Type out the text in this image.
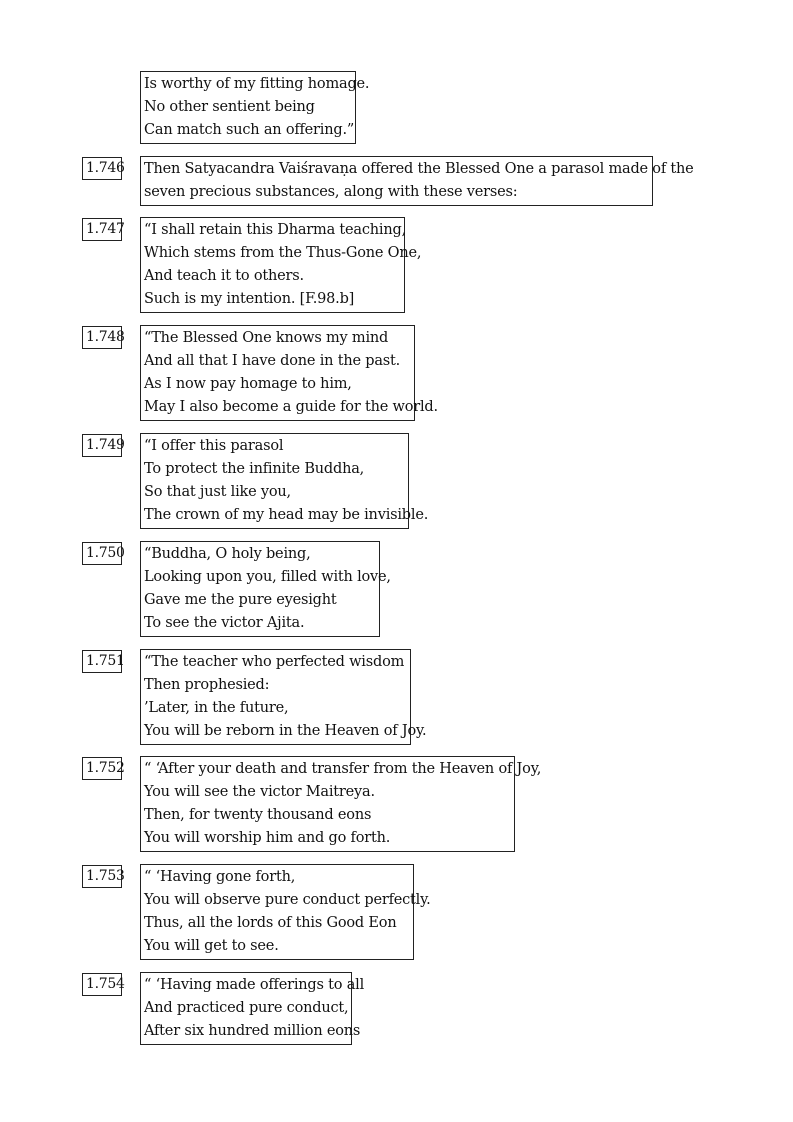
Is worthy of my fitting homage.
No other sentient being
Can match such an offering.”
1.746 Then Satyacandra Vaiśravaṇa offered the Blessed One a parasol made of the
seven precious substances, along with these verses:
1.747 “I shall retain this Dharma teaching,
Which stems from the Thus-Gone One,
And teach it to others.
Such is my intention. [F.98.b]
1.748 “The Blessed One knows my mind
And all that I have done in the past.
As I now pay homage to him,
May I also become a guide for the world.
1.749 “I offer this parasol
To protect the infinite Buddha,
So that just like you,
The crown of my head may be invisible.
1.750 “Buddha, O holy being,
Looking upon you, filled with love,
Gave me the pure eyesight
To see the victor Ajita.
1.751 “The teacher who perfected wisdom
Then prophesied:
’Later, in the future,
You will be reborn in the Heaven of Joy.
1.752 “ ‘After your death and transfer from the Heaven of Joy,
You will see the victor Maitreya.
Then, for twenty thousand eons
You will worship him and go forth.
1.753 “ ‘Having gone forth,
You will observe pure conduct perfectly.
Thus, all the lords of this Good Eon
You will get to see.
1.754 “ ‘Having made offerings to all
And practiced pure conduct,
After six hundred million eons
